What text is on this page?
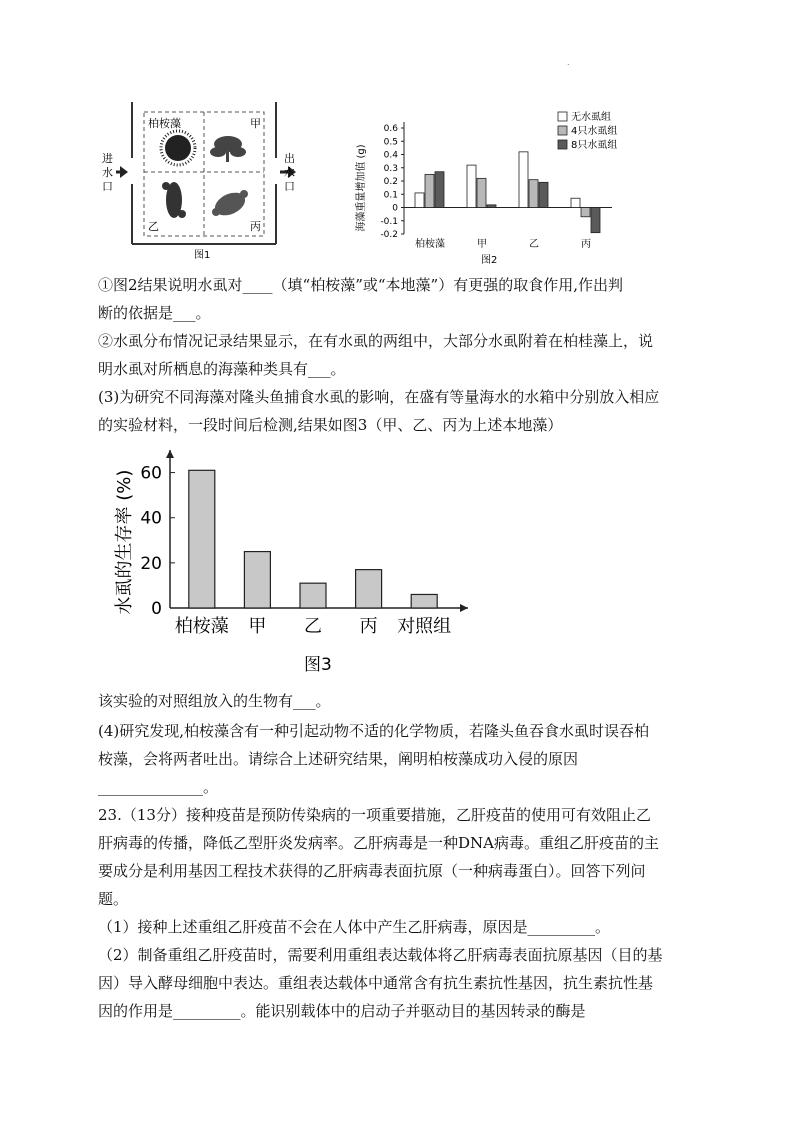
.
进
水
口
出
水
口
柏桉藻	甲
乙	丙
图1
海藻重量增加值 (g)
0.6
0.5
0.4
0.3
0.2
0.1
0
-0.1
-0.2
柏桉藻	甲	乙	丙
无水虱组
4只水虱组
8只水虱组
图2
①图2结果说明水虱对____（填“柏桉藻”或“本地藻”）有更强的取食作用,作出判
断的依据是___。
②水虱分布情况记录结果显示，在有水虱的两组中，大部分水虱附着在柏桂藻上，说
明水虱对所栖息的海藻种类具有___。
(3)为研究不同海藻对隆头鱼捕食水虱的影响，在盛有等量海水的水箱中分别放入相应
的实验材料，一段时间后检测,结果如图3（甲、乙、丙为上述本地藻）
水虱的生存率 (%) 60
40
20
0
柏桉藻 甲 乙 丙 对照组
图3
该实验的对照组放入的生物有___。
(4)研究发现,柏桉藻含有一种引起动物不适的化学物质，若隆头鱼吞食水虱时误吞柏
桉藻，会将两者吐出。请综合上述研究结果，阐明柏桉藻成功入侵的原因
______________。
23.（13分）接种疫苗是预防传染病的一项重要措施，乙肝疫苗的使用可有效阻止乙
肝病毒的传播，降低乙型肝炎发病率。乙肝病毒是一种DNA病毒。重组乙肝疫苗的主
要成分是利用基因工程技术获得的乙肝病毒表面抗原（一种病毒蛋白）。回答下列问
题。
（1）接种上述重组乙肝疫苗不会在人体中产生乙肝病毒，原因是_________。
（2）制备重组乙肝疫苗时，需要利用重组表达载体将乙肝病毒表面抗原基因（目的基
因）导入酵母细胞中表达。重组表达载体中通常含有抗生素抗性基因，抗生素抗性基
因的作用是_________。能识别载体中的启动子并驱动目的基因转录的酶是
